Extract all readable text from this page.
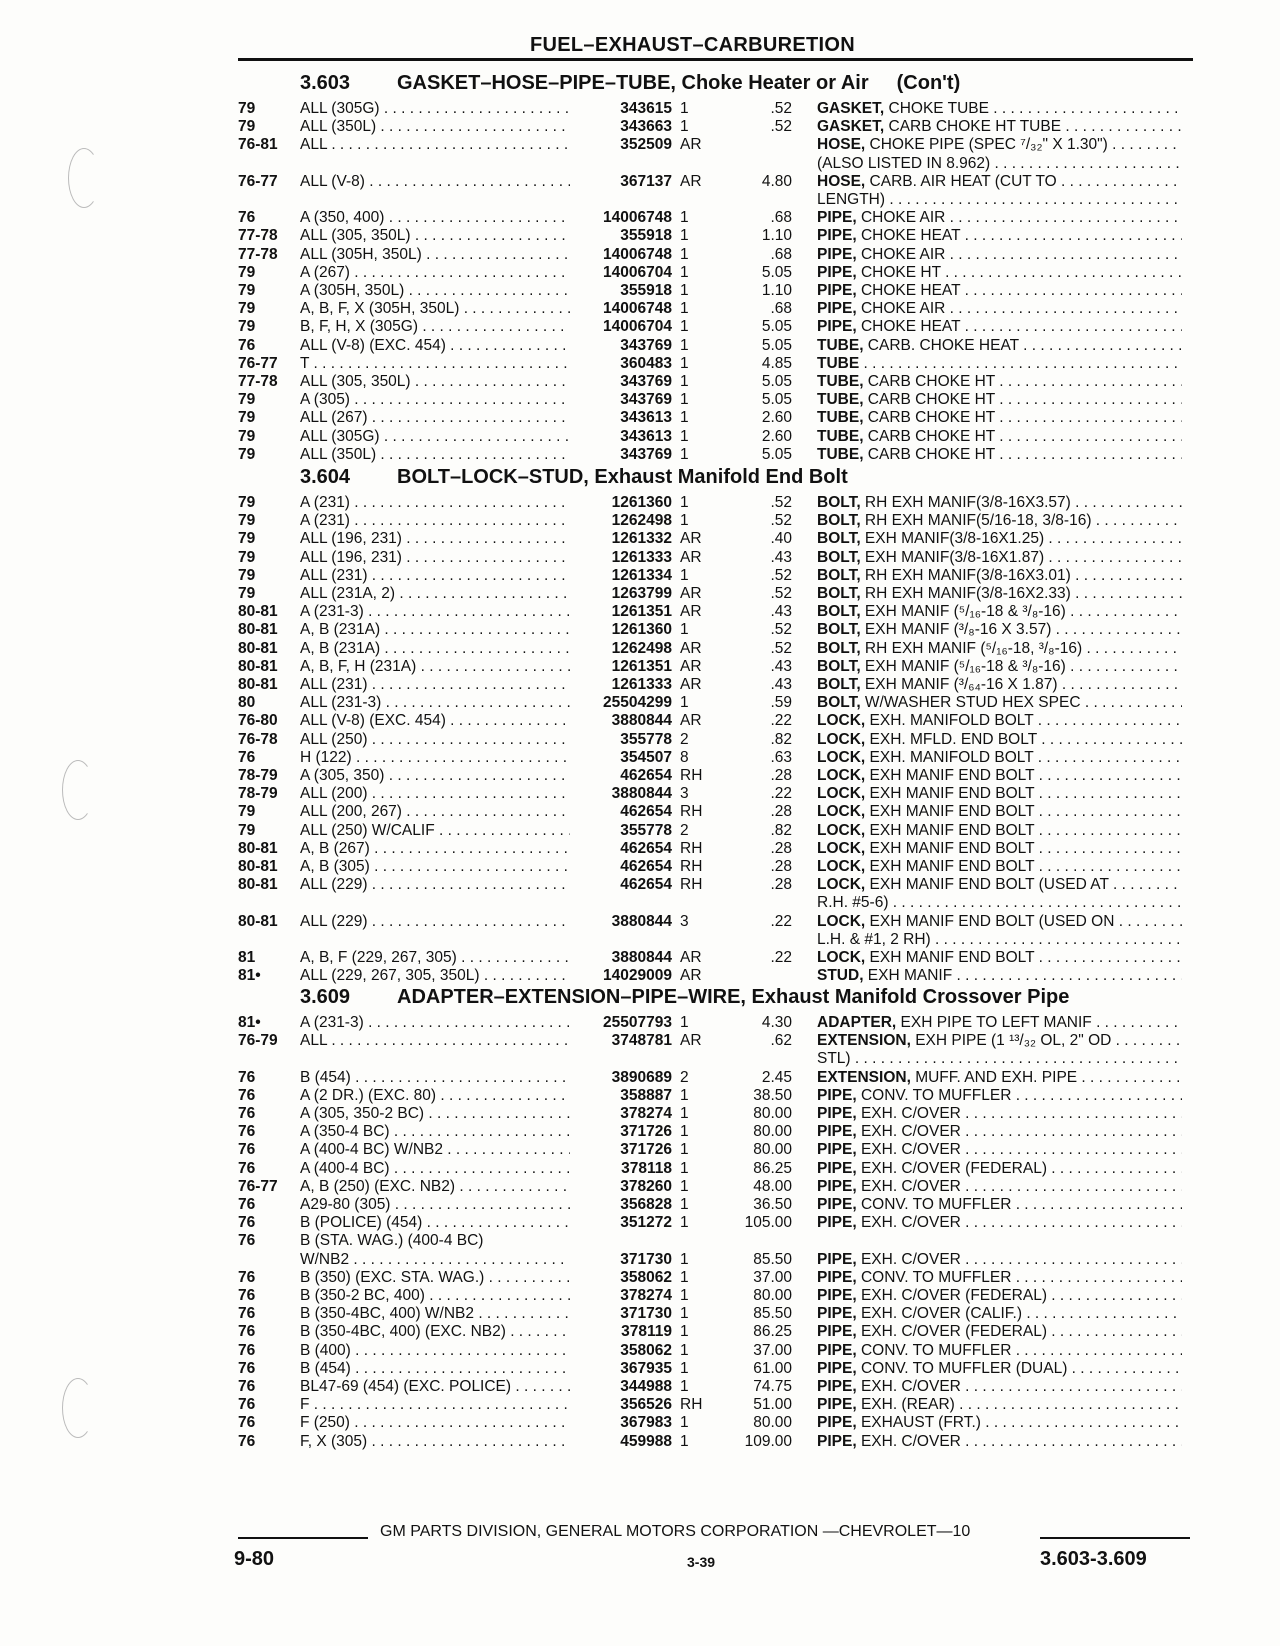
FUEL–EXHAUST–CARBURETION
3.603 GASKET–HOSE–PIPE–TUBE, Choke Heater or Air (Con't)
79	ALL (305G) . . .	343615 1	.52 GASKET, CHOKE TUBE . . .
79	ALL (350L) . . .	343663 1	.52 GASKET, CARB CHOKE HT TUBE . . .
76-81 ALL . . .	352509 AR	HOSE, CHOKE PIPE (SPEC ⁷/₃₂" X 1.30") . . .
(ALSO LISTED IN 8.962) . . .
76-77 ALL (V-8) . . .	367137 AR	4.80 HOSE, CARB. AIR HEAT (CUT TO . . .
LENGTH) . . .
76	A (350, 400) . . .	14006748 1	.68 PIPE, CHOKE AIR . . .
77-78 ALL (305, 350L) . . .	355918 1	1.10 PIPE, CHOKE HEAT . . .
77-78 ALL (305H, 350L) . . .	14006748 1	.68 PIPE, CHOKE AIR . . .
79	A (267) . . .	14006704 1	5.05 PIPE, CHOKE HT . . .
79	A (305H, 350L) . . .	355918 1	1.10 PIPE, CHOKE HEAT . . .
79	A, B, F, X (305H, 350L) . . .	14006748 1	.68 PIPE, CHOKE AIR . . .
79	B, F, H, X (305G) . . .	14006704 1	5.05 PIPE, CHOKE HEAT . . .
76	ALL (V-8) (EXC. 454) . . .	343769 1	5.05 TUBE, CARB. CHOKE HEAT . . .
76-77 T . . .	360483 1	4.85 TUBE . . .
77-78 ALL (305, 350L) . . .	343769 1	5.05 TUBE, CARB CHOKE HT . . .
79	A (305) . . .	343769 1	5.05 TUBE, CARB CHOKE HT . . .
79	ALL (267) . . .	343613 1	2.60 TUBE, CARB CHOKE HT . . .
79	ALL (305G) . . .	343613 1	2.60 TUBE, CARB CHOKE HT . . .
79	ALL (350L) . . .	343769 1	5.05 TUBE, CARB CHOKE HT . . .
3.604 BOLT–LOCK–STUD, Exhaust Manifold End Bolt
79	A (231) . . .	1261360 1	.52 BOLT, RH EXH MANIF(3/8-16X3.57) . . .
79	A (231) . . .	1262498 1	.52 BOLT, RH EXH MANIF(5/16-18, 3/8-16) . . .
79	ALL (196, 231) . . .	1261332 AR	.40 BOLT, EXH MANIF(3/8-16X1.25) . . .
79	ALL (196, 231) . . .	1261333 AR	.43 BOLT, EXH MANIF(3/8-16X1.87) . . .
79	ALL (231) . . .	1261334 1	.52 BOLT, RH EXH MANIF(3/8-16X3.01) . . .
79	ALL (231A, 2) . . .	1263799 AR	.52 BOLT, RH EXH MANIF(3/8-16X2.33) . . .
80-81 A (231-3) . . .	1261351 AR	.43 BOLT, EXH MANIF (⁵/₁₆-18 & ³/₈-16) . . .
80-81 A, B (231A) . . .	1261360 1	.52 BOLT, EXH MANIF (³/₈-16 X 3.57) . . .
80-81 A, B (231A) . . .	1262498 AR	.52 BOLT, RH EXH MANIF (⁵/₁₆-18, ³/₈-16) . . .
80-81 A, B, F, H (231A) . . .	1261351 AR	.43 BOLT, EXH MANIF (⁵/₁₆-18 & ³/₈-16) . . .
80-81 ALL (231) . . .	1261333 AR	.43 BOLT, EXH MANIF (³/₆₄-16 X 1.87) . . .
80	ALL (231-3) . . .	25504299 1	.59 BOLT, W/WASHER STUD HEX SPEC . . .
76-80 ALL (V-8) (EXC. 454) . . .	3880844 AR	.22 LOCK, EXH. MANIFOLD BOLT . . .
76-78 ALL (250) . . .	355778 2	.82 LOCK, EXH. MFLD. END BOLT . . .
76	H (122) . . .	354507 8	.63 LOCK, EXH. MANIFOLD BOLT . . .
78-79 A (305, 350) . . .	462654 RH	.28 LOCK, EXH MANIF END BOLT . . .
78-79 ALL (200) . . .	3880844 3	.22 LOCK, EXH MANIF END BOLT . . .
79	ALL (200, 267) . . .	462654 RH	.28 LOCK, EXH MANIF END BOLT . . .
79	ALL (250) W/CALIF . . .	355778 2	.82 LOCK, EXH MANIF END BOLT . . .
80-81 A, B (267) . . .	462654 RH	.28 LOCK, EXH MANIF END BOLT . . .
80-81 A, B (305) . . .	462654 RH	.28 LOCK, EXH MANIF END BOLT . . .
80-81 ALL (229) . . .	462654 RH	.28 LOCK, EXH MANIF END BOLT (USED AT . . .
R.H. #5-6) . . .
80-81 ALL (229) . . .	3880844 3	.22 LOCK, EXH MANIF END BOLT (USED ON . . .
L.H. & #1, 2 RH) . . .
81	A, B, F (229, 267, 305) . . .	3880844 AR	.22 LOCK, EXH MANIF END BOLT . . .
81•	ALL (229, 267, 305, 350L) . . .	14029009 AR	STUD, EXH MANIF . . .
3.609 ADAPTER–EXTENSION–PIPE–WIRE, Exhaust Manifold Crossover Pipe
81•	A (231-3) . . .	25507793 1	4.30 ADAPTER, EXH PIPE TO LEFT MANIF . . .
76-79 ALL . . .	3748781 AR	.62 EXTENSION, EXH PIPE (1 ¹³/₃₂ OL, 2" OD . . .
STL) . . .
76	B (454) . . .	3890689 2	2.45 EXTENSION, MUFF. AND EXH. PIPE . . .
76	A (2 DR.) (EXC. 80) . . .	358887 1	38.50 PIPE, CONV. TO MUFFLER . . .
76	A (305, 350-2 BC) . . .	378274 1	80.00 PIPE, EXH. C/OVER . . .
76	A (350-4 BC) . . .	371726 1	80.00 PIPE, EXH. C/OVER . . .
76	A (400-4 BC) W/NB2 . . .	371726 1	80.00 PIPE, EXH. C/OVER . . .
76	A (400-4 BC) . . .	378118 1	86.25 PIPE, EXH. C/OVER (FEDERAL) . . .
76-77 A, B (250) (EXC. NB2) . . .	378260 1	48.00 PIPE, EXH. C/OVER . . .
76	A29-80 (305) . . .	356828 1	36.50 PIPE, CONV. TO MUFFLER . . .
76	B (POLICE) (454) . . .	351272 1	105.00 PIPE, EXH. C/OVER . . .
76	B (STA. WAG.) (400-4 BC)
W/NB2 . . .	371730 1	85.50 PIPE, EXH. C/OVER . . .
76	B (350) (EXC. STA. WAG.) . . .	358062 1	37.00 PIPE, CONV. TO MUFFLER . . .
76	B (350-2 BC, 400) . . .	378274 1	80.00 PIPE, EXH. C/OVER (FEDERAL) . . .
76	B (350-4BC, 400) W/NB2 . . .	371730 1	85.50 PIPE, EXH. C/OVER (CALIF.) . . .
76	B (350-4BC, 400) (EXC. NB2) . . .	378119 1	86.25 PIPE, EXH. C/OVER (FEDERAL) . . .
76	B (400) . . .	358062 1	37.00 PIPE, CONV. TO MUFFLER . . .
76	B (454) . . .	367935 1	61.00 PIPE, CONV. TO MUFFLER (DUAL) . . .
76	BL47-69 (454) (EXC. POLICE) . . .	344988 1	74.75 PIPE, EXH. C/OVER . . .
76	F . . .	356526 RH	51.00 PIPE, EXH. (REAR) . . .
76	F (250) . . .	367983 1	80.00 PIPE, EXHAUST (FRT.) . . .
76	F, X (305) . . .	459988 1	109.00 PIPE, EXH. C/OVER . . .
GM PARTS DIVISION, GENERAL MOTORS CORPORATION —CHEVROLET—10
9-80	3-39	3.603-3.609
